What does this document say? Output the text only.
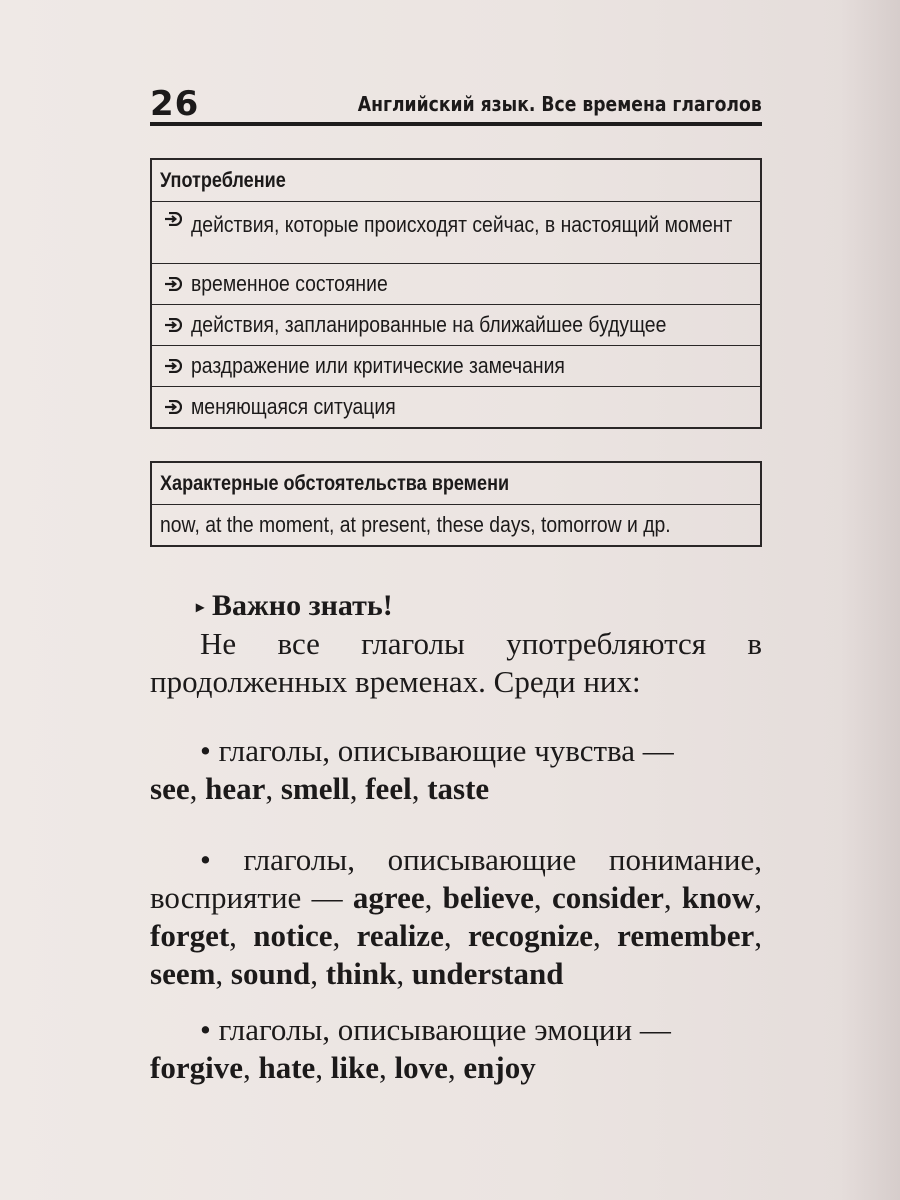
26	Английский язык. Все времена глаголов
Употребление
действия, которые происходят сейчас, в настоящий момент
временное состояние
действия, запланированные на ближайшее будущее
раздражение или критические замечания
меняющаяся ситуация
Характерные обстоятельства времени
now, at the moment, at present, these days, tomorrow и др.
▸ Важно знать!
Не все глаголы употребляются в продолженных временах. Среди них:
• глаголы, описывающие чувства —
see, hear, smell, feel, taste
• глаголы, описывающие понимание, восприятие — agree, believe, consider, know, forget, notice, realize, recognize, remember, seem, sound, think, understand
• глаголы, описывающие эмоции —
forgive, hate, like, love, enjoy
